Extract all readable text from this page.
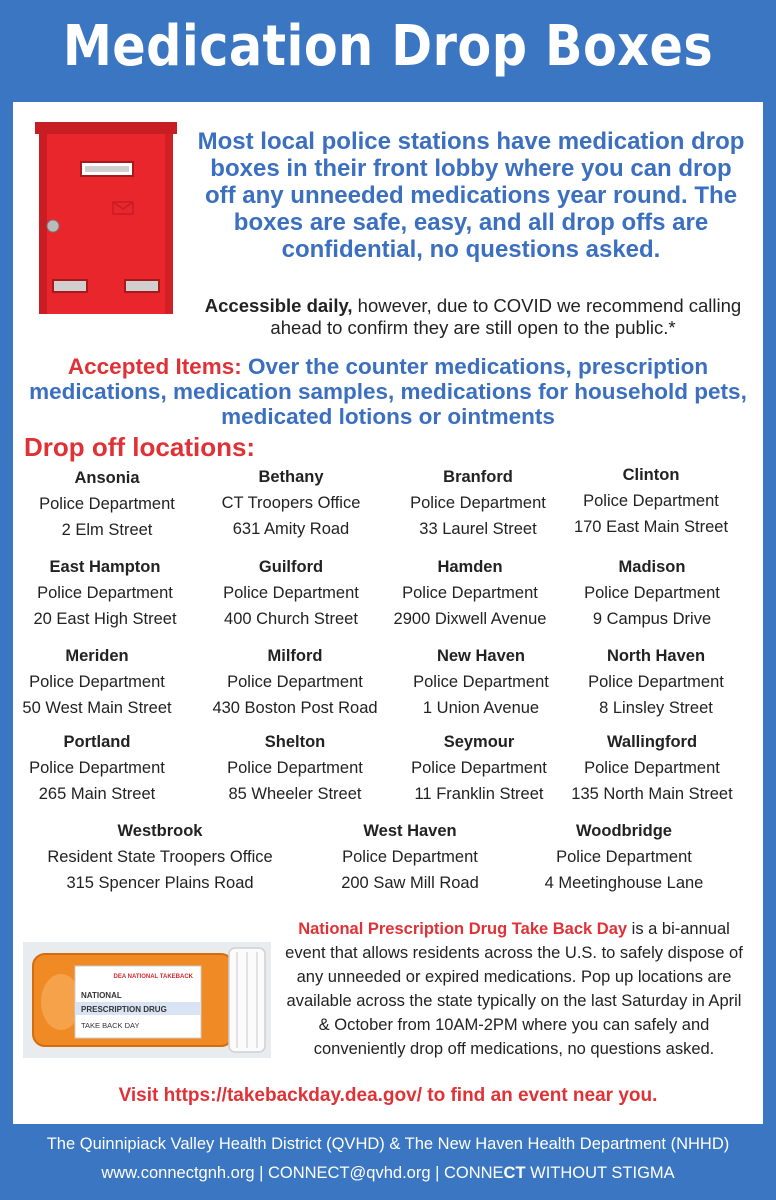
Medication Drop Boxes
Most local police stations have medication drop boxes in their front lobby where you can drop off any unneeded medications year round. The boxes are safe, easy, and all drop offs are confidential, no questions asked.
Accessible daily, however, due to COVID we recommend calling ahead to confirm they are still open to the public.*
Accepted Items: Over the counter medications, prescription medications, medication samples, medications for household pets, medicated lotions or ointments
Drop off locations:
Ansonia
Police Department
2 Elm Street
Bethany
CT Troopers Office
631 Amity Road
Branford
Police Department
33 Laurel Street
Clinton
Police Department
170 East Main Street
East Hampton
Police Department
20 East High Street
Guilford
Police Department
400 Church Street
Hamden
Police Department
2900 Dixwell Avenue
Madison
Police Department
9 Campus Drive
Meriden
Police Department
50 West Main Street
Milford
Police Department
430 Boston Post Road
New Haven
Police Department
1 Union Avenue
North Haven
Police Department
8 Linsley Street
Portland
Police Department
265 Main Street
Shelton
Police Department
85 Wheeler Street
Seymour
Police Department
11 Franklin Street
Wallingford
Police Department
135 North Main Street
Westbrook
Resident State Troopers Office
315 Spencer Plains Road
West Haven
Police Department
200 Saw Mill Road
Woodbridge
Police Department
4 Meetinghouse Lane
DEA NATIONAL TAKEBACK
NATIONAL
PRESCRIPTION DRUG
TAKE BACK DAY
National Prescription Drug Take Back Day is a bi-annual event that allows residents across the U.S. to safely dispose of any unneeded or expired medications. Pop up locations are available across the state typically on the last Saturday in April & October from 10AM-2PM where you can safely and conveniently drop off medications, no questions asked.
Visit https://takebackday.dea.gov/ to find an event near you.
The Quinnipiack Valley Health District (QVHD) & The New Haven Health Department (NHHD)
www.connectgnh.org | CONNECT@qvhd.org | CONNECT WITHOUT STIGMA
